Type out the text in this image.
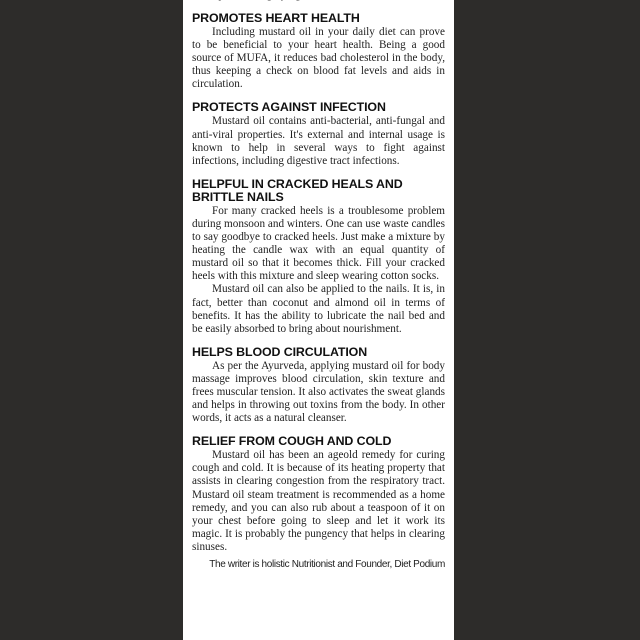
PROMOTES HEART HEALTH

Including mustard oil in your daily diet can prove to be beneficial to your heart health. Being a good source of MUFA, it reduces bad cholesterol in the body, thus keeping a check on blood fat levels and aids in circulation.

PROTECTS AGAINST INFECTION

Mustard oil contains anti-bacterial, anti-fungal and anti-viral properties. It's external and internal usage is known to help in several ways to fight against infections, including digestive tract infections.

HELPFUL IN CRACKED HEALS AND BRITTLE NAILS

For many cracked heels is a troublesome problem during monsoon and winters. One can use waste candles to say goodbye to cracked heels. Just make a mixture by heating the candle wax with an equal quantity of mustard oil so that it becomes thick. Fill your cracked heels with this mixture and sleep wearing cotton socks.

Mustard oil can also be applied to the nails. It is, in fact, better than coconut and almond oil in terms of benefits. It has the ability to lubricate the nail bed and be easily absorbed to bring about nourishment.

HELPS BLOOD CIRCULATION

As per the Ayurveda, applying mustard oil for body massage improves blood circulation, skin texture and frees muscular tension. It also activates the sweat glands and helps in throwing out toxins from the body. In other words, it acts as a natural cleanser.

RELIEF FROM COUGH AND COLD

Mustard oil has been an ageold remedy for curing cough and cold. It is because of its heating property that assists in clearing congestion from the respiratory tract. Mustard oil steam treatment is recommended as a home remedy, and you can also rub about a teaspoon of it on your chest before going to sleep and let it work its magic. It is probably the pungency that helps in clearing sinuses.

The writer is holistic Nutritionist and Founder, Diet Podium
